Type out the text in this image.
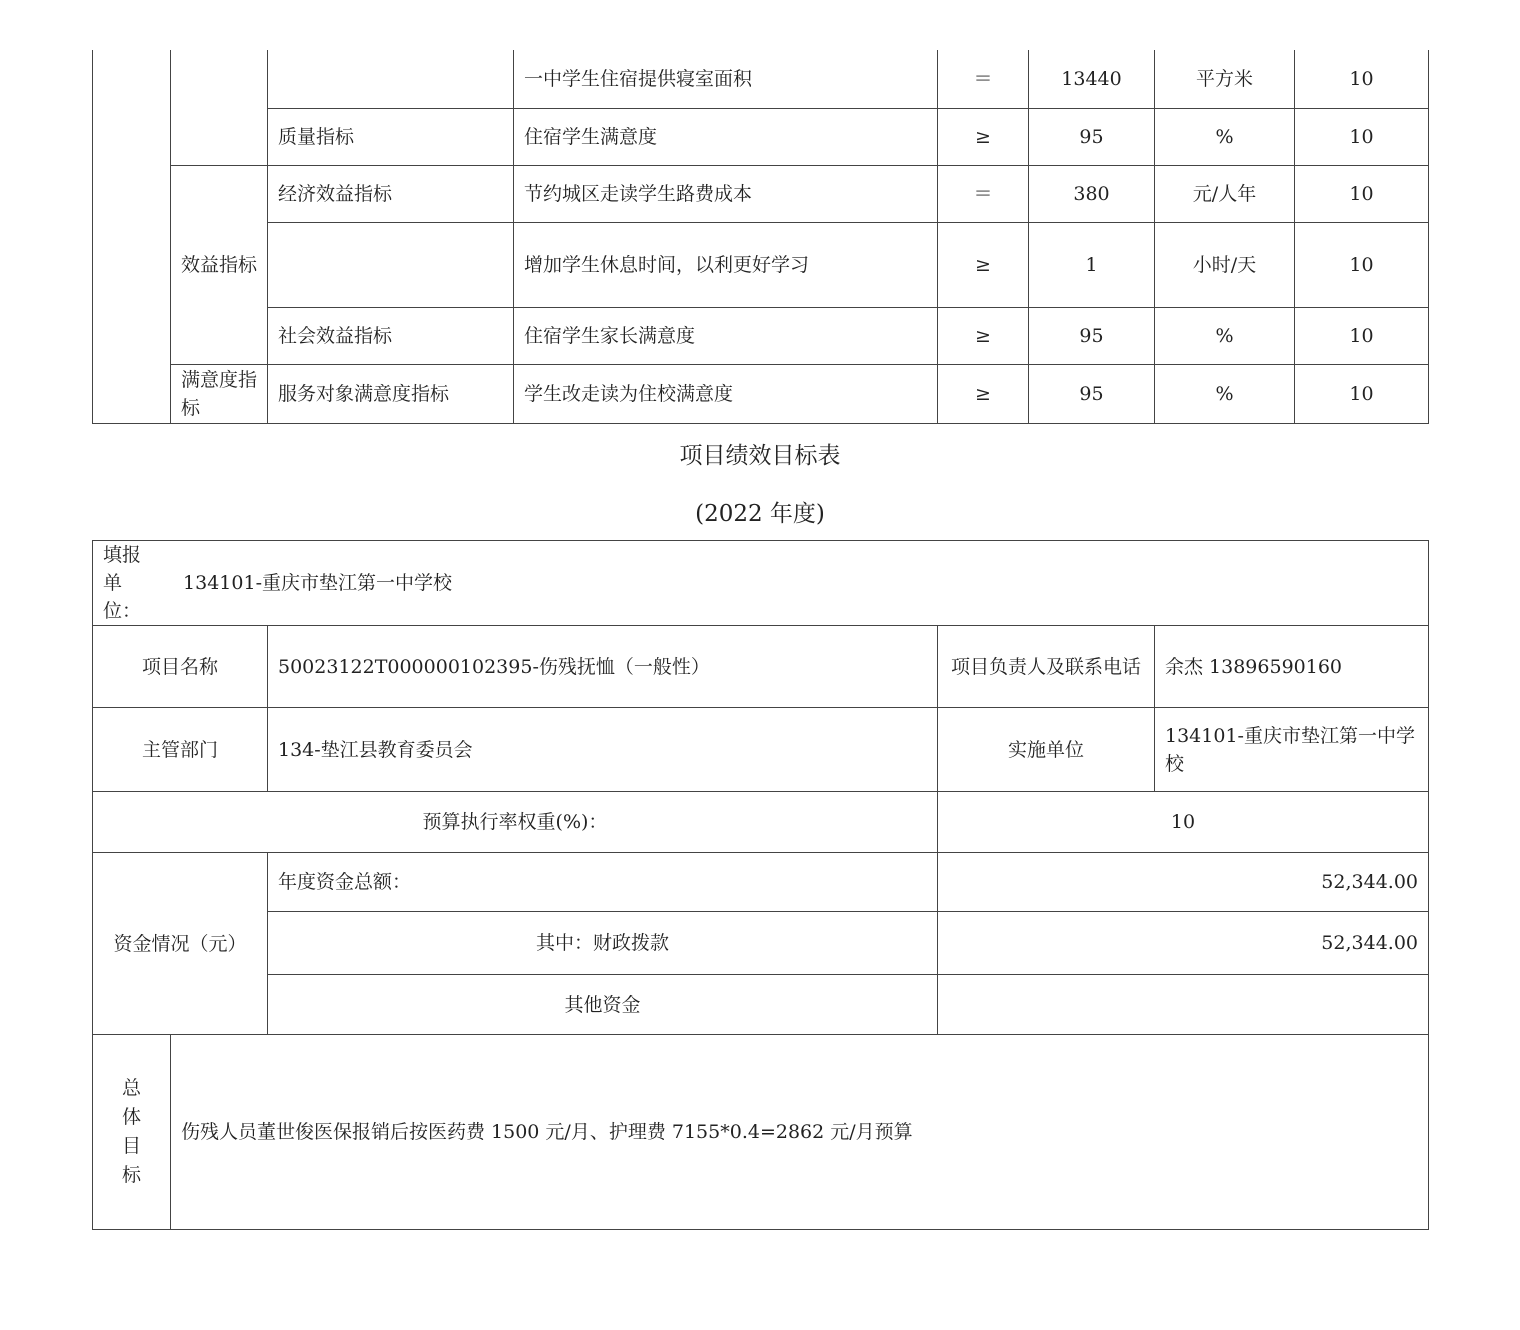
			一中学生住宿提供寝室面积	＝	13440	平方米	10
		质量指标	住宿学生满意度	≥	95	%	10
	效益指标	经济效益指标	节约城区走读学生路费成本	＝	380	元/人年	10
			增加学生休息时间，以利更好学习	≥	1	小时/天	10
		社会效益指标	住宿学生家长满意度	≥	95	%	10
	满意度指标	服务对象满意度指标	学生改走读为住校满意度	≥	95	%	10
项目绩效目标表
(2022 年度)
填报单位： 134101-重庆市垫江第一中学校				
项目名称		50023122T000000102395-伤残抚恤（一般性）	项目负责人及联系电话	余杰 13896590160
主管部门		134-垫江县教育委员会	实施单位	134101-重庆市垫江第一中学校
预算执行率权重(%)：			10	
资金情况（元）		年度资金总额：	52,344.00	
		其中：财政拨款	52,344.00	
		其他资金		

总体目标	伤残人员董世俊医保报销后按医药费 1500 元/月、护理费 7155*0.4=2862 元/月预算			
